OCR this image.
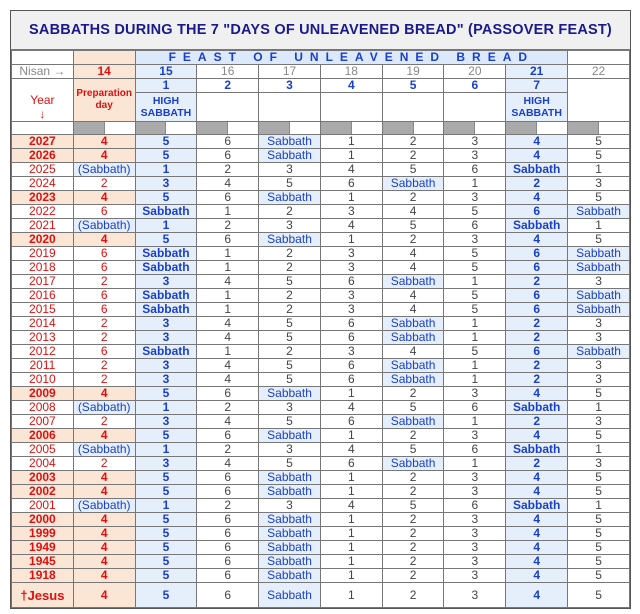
SABBATHS DURING THE 7 "DAYS OF UNLEAVENED BREAD" (PASSOVER FEAST)
		FEAST OF UNLEAVENED BREAD							
Nisan →	14	15	16	17	18	19	20	21	22

Year
↓	Preparation day	1	2	3	4	5	6	7	
		HIGH SABBATH						HIGH SABBATH	

2027	4	5	6	Sabbath	1	2	3	4	5
2026	4	5	6	Sabbath	1	2	3	4	5
2025	(Sabbath)	1	2	3	4	5	6	Sabbath	1
2024	2	3	4	5	6	Sabbath	1	2	3
2023	4	5	6	Sabbath	1	2	3	4	5
2022	6	Sabbath	1	2	3	4	5	6	Sabbath
2021	(Sabbath)	1	2	3	4	5	6	Sabbath	1
2020	4	5	6	Sabbath	1	2	3	4	5
2019	6	Sabbath	1	2	3	4	5	6	Sabbath
2018	6	Sabbath	1	2	3	4	5	6	Sabbath
2017	2	3	4	5	6	Sabbath	1	2	3
2016	6	Sabbath	1	2	3	4	5	6	Sabbath
2015	6	Sabbath	1	2	3	4	5	6	Sabbath
2014	2	3	4	5	6	Sabbath	1	2	3
2013	2	3	4	5	6	Sabbath	1	2	3
2012	6	Sabbath	1	2	3	4	5	6	Sabbath
2011	2	3	4	5	6	Sabbath	1	2	3
2010	2	3	4	5	6	Sabbath	1	2	3
2009	4	5	6	Sabbath	1	2	3	4	5
2008	(Sabbath)	1	2	3	4	5	6	Sabbath	1
2007	2	3	4	5	6	Sabbath	1	2	3
2006	4	5	6	Sabbath	1	2	3	4	5
2005	(Sabbath)	1	2	3	4	5	6	Sabbath	1
2004	2	3	4	5	6	Sabbath	1	2	3
2003	4	5	6	Sabbath	1	2	3	4	5
2002	4	5	6	Sabbath	1	2	3	4	5
2001	(Sabbath)	1	2	3	4	5	6	Sabbath	1
2000	4	5	6	Sabbath	1	2	3	4	5
1999	4	5	6	Sabbath	1	2	3	4	5
1949	4	5	6	Sabbath	1	2	3	4	5
1945	4	5	6	Sabbath	1	2	3	4	5
1918	4	5	6	Sabbath	1	2	3	4	5
†Jesus	4	5	6	Sabbath	1	2	3	4	5
